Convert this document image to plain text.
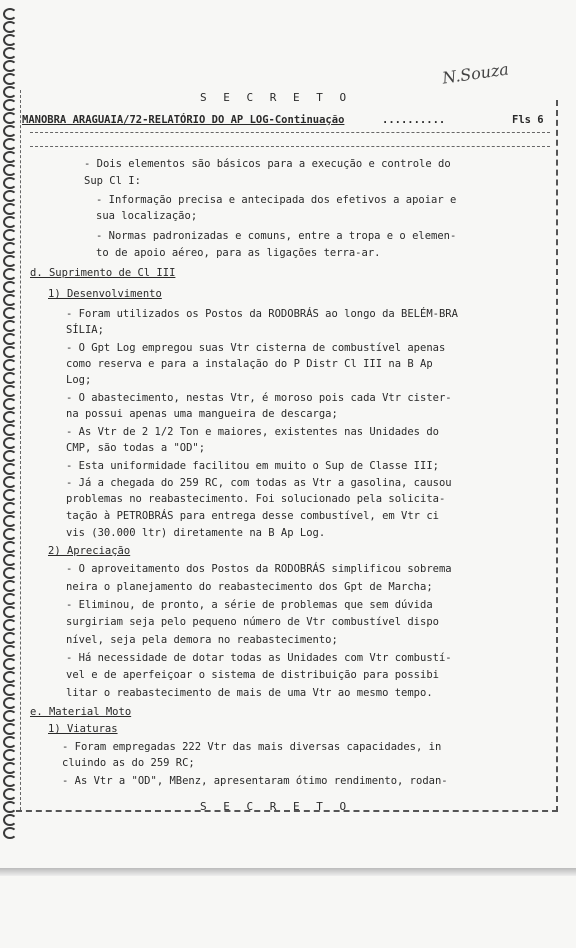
N.Souza
S E C R E T O
MANOBRA ARAGUAIA/72-RELATÓRIO DO AP LOG-Continuação	..........	Fls 6
- Dois elementos são básicos para a execução e controle do
Sup Cl I:
- Informação precisa e antecipada dos efetivos a apoiar e
sua localização;
- Normas padronizadas e comuns, entre a tropa e o elemen-
to de apoio aéreo, para as ligações terra-ar.
d. Suprimento de Cl III
1) Desenvolvimento
- Foram utilizados os Postos da RODOBRÁS ao longo da BELÉM-BRA
SÍLIA;
- O Gpt Log empregou suas Vtr cisterna de combustível apenas
como reserva e para a instalação do P Distr Cl III na B Ap
Log;
- O abastecimento, nestas Vtr, é moroso pois cada Vtr cister-
na possui apenas uma mangueira de descarga;
- As Vtr de 2 1/2 Ton e maiores, existentes nas Unidades do
CMP, são todas a "OD";
- Esta uniformidade facilitou em muito o Sup de Classe III;
- Já a chegada do 259 RC, com todas as Vtr a gasolina, causou
problemas no reabastecimento. Foi solucionado pela solicita-
tação à PETROBRÁS para entrega desse combustível, em Vtr ci
vis (30.000 ltr) diretamente na B Ap Log.
2) Apreciação
- O aproveitamento dos Postos da RODOBRÁS simplificou sobrema
neira o planejamento do reabastecimento dos Gpt de Marcha;
- Eliminou, de pronto, a série de problemas que sem dúvida
surgiriam seja pelo pequeno número de Vtr combustível dispo
nível, seja pela demora no reabastecimento;
- Há necessidade de dotar todas as Unidades com Vtr combustí-
vel e de aperfeiçoar o sistema de distribuição para possibi
litar o reabastecimento de mais de uma Vtr ao mesmo tempo.
e. Material Moto
1) Viaturas
- Foram empregadas 222 Vtr das mais diversas capacidades, in
cluindo as do 259 RC;
- As Vtr a "OD", MBenz, apresentaram ótimo rendimento, rodan-
S E C R E T O
